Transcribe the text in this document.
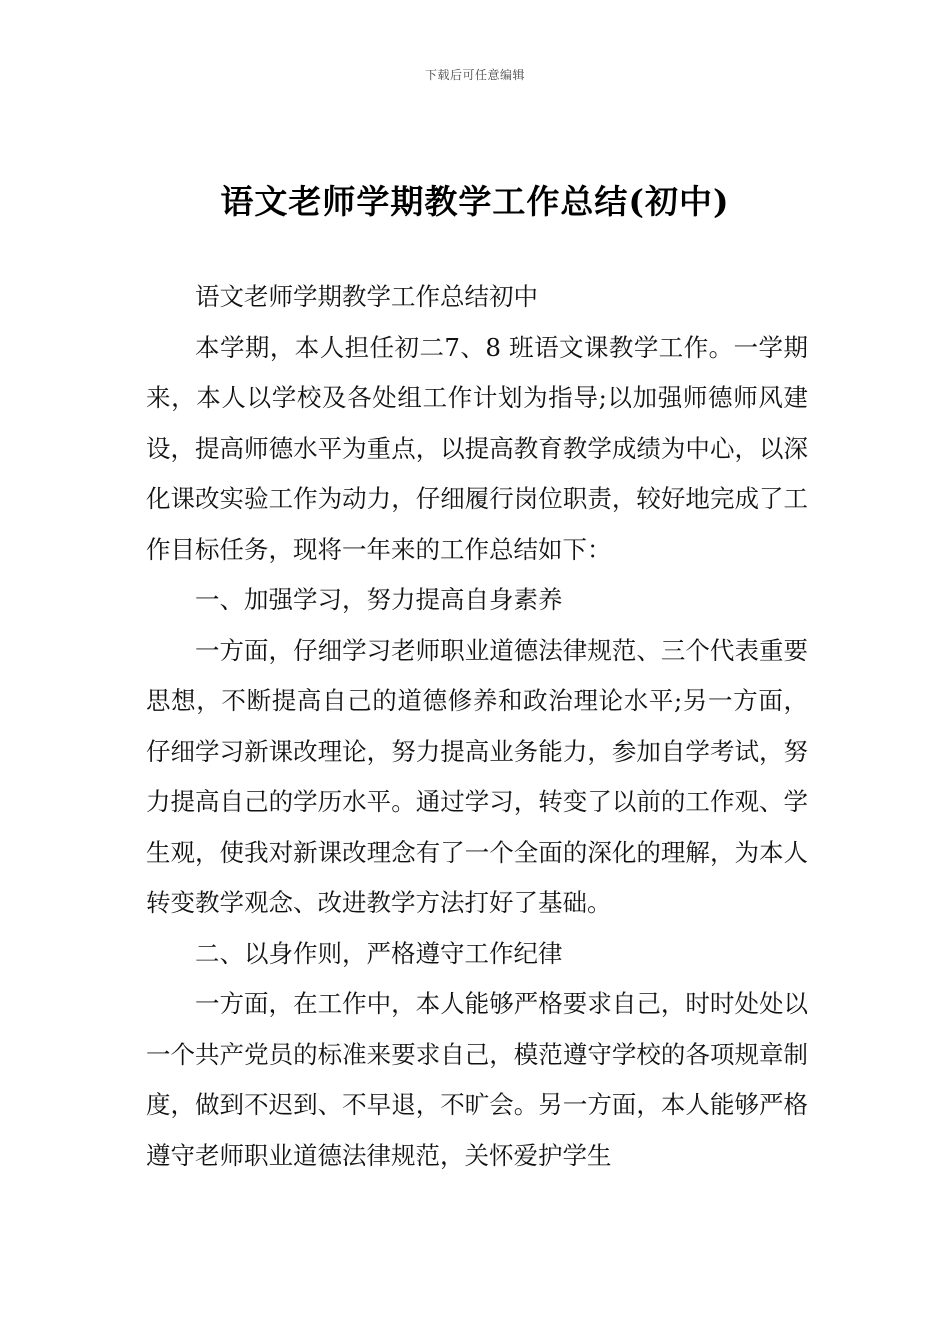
下载后可任意编辑
语文老师学期教学工作总结(初中)

语文老师学期教学工作总结初中

本学期，本人担任初二7、8 班语文课教学工作。一学期来，本人以学校及各处组工作计划为指导;以加强师德师风建设，提高师德水平为重点，以提高教育教学成绩为中心，以深化课改实验工作为动力，仔细履行岗位职责，较好地完成了工作目标任务，现将一年来的工作总结如下：

一、加强学习，努力提高自身素养

一方面，仔细学习老师职业道德法律规范、三个代表重要思想，不断提高自己的道德修养和政治理论水平;另一方面，仔细学习新课改理论，努力提高业务能力，参加自学考试，努力提高自己的学历水平。通过学习，转变了以前的工作观、学生观，使我对新课改理念有了一个全面的深化的理解，为本人转变教学观念、改进教学方法打好了基础。

二、以身作则，严格遵守工作纪律

一方面，在工作中，本人能够严格要求自己，时时处处以一个共产党员的标准来要求自己，模范遵守学校的各项规章制度，做到不迟到、不早退，不旷会。另一方面，本人能够严格遵守老师职业道德法律规范，关怀爱护学生
